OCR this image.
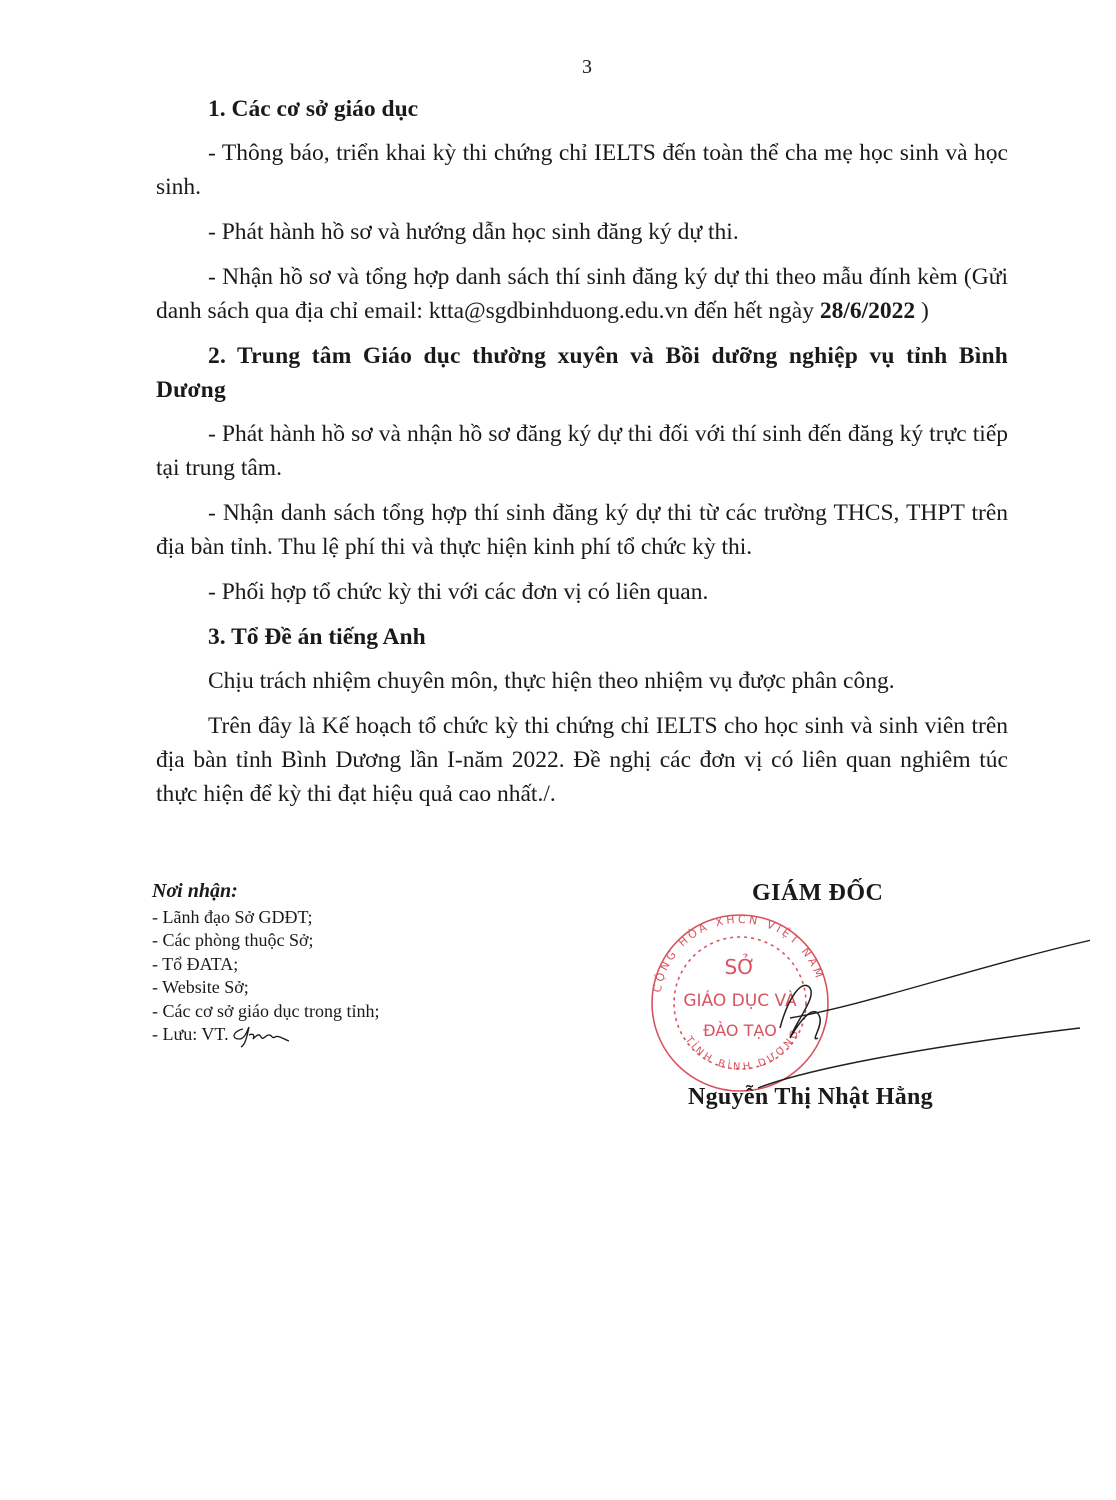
3

1. Các cơ sở giáo dục

- Thông báo, triển khai kỳ thi chứng chỉ IELTS đến toàn thể cha mẹ học sinh và học sinh.

- Phát hành hồ sơ và hướng dẫn học sinh đăng ký dự thi.

- Nhận hồ sơ và tổng hợp danh sách thí sinh đăng ký dự thi theo mẫu đính kèm (Gửi danh sách qua địa chỉ email: ktta@sgdbinhduong.edu.vn đến hết ngày 28/6/2022 )

2. Trung tâm Giáo dục thường xuyên và Bồi dưỡng nghiệp vụ tỉnh Bình Dương

- Phát hành hồ sơ và nhận hồ sơ đăng ký dự thi đối với thí sinh đến đăng ký trực tiếp tại trung tâm.

- Nhận danh sách tổng hợp thí sinh đăng ký dự thi từ các trường THCS, THPT trên địa bàn tỉnh. Thu lệ phí thi và thực hiện kinh phí tổ chức kỳ thi.

- Phối hợp tổ chức kỳ thi với các đơn vị có liên quan.

3. Tổ Đề án tiếng Anh

Chịu trách nhiệm chuyên môn, thực hiện theo nhiệm vụ được phân công.

Trên đây là Kế hoạch tổ chức kỳ thi chứng chỉ IELTS cho học sinh và sinh viên trên địa bàn tỉnh Bình Dương lần I-năm 2022. Đề nghị các đơn vị có liên quan nghiêm túc thực hiện để kỳ thi đạt hiệu quả cao nhất./.

Nơi nhận:
- Lãnh đạo Sở GDĐT;
- Các phòng thuộc Sở;
- Tổ ĐATA;
- Website Sở;
- Các cơ sở giáo dục trong tỉnh;
- Lưu: VT.
GIÁM ĐỐC
CỘNG HÒA XHCN VIỆT NAM
TỈNH BÌNH DƯƠNG
SỞ
GIÁO DỤC VÀ
ĐÀO TẠO
Nguyễn Thị Nhật Hằng
